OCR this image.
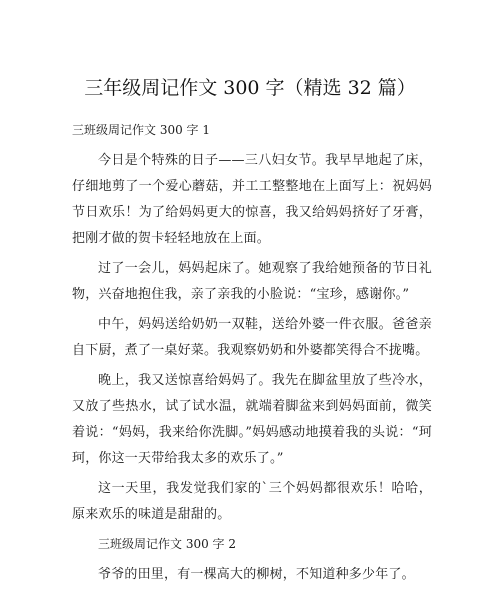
三年级周记作文 300 字（精选 32 篇）
三班级周记作文 300 字 1

今日是个特殊的日子——三八妇女节。我早早地起了床，仔细地剪了一个爱心蘑菇，并工工整整地在上面写上：祝妈妈节日欢乐！为了给妈妈更大的惊喜，我又给妈妈挤好了牙膏，把刚才做的贺卡轻轻地放在上面。

过了一会儿，妈妈起床了。她观察了我给她预备的节日礼物，兴奋地抱住我，亲了亲我的小脸说：“宝珍，感谢你。”

中午，妈妈送给奶奶一双鞋，送给外婆一件衣服。爸爸亲自下厨，煮了一桌好菜。我观察奶奶和外婆都笑得合不拢嘴。

晚上，我又送惊喜给妈妈了。我先在脚盆里放了些冷水，又放了些热水，试了试水温，就端着脚盆来到妈妈面前，微笑着说：“妈妈，我来给你洗脚。”妈妈感动地摸着我的头说：“珂珂，你这一天带给我太多的欢乐了。”

这一天里，我发觉我们家的`三个妈妈都很欢乐！哈哈，原来欢乐的味道是甜甜的。

三班级周记作文 300 字 2

爷爷的田里，有一棵高大的柳树，不知道种多少年了。
